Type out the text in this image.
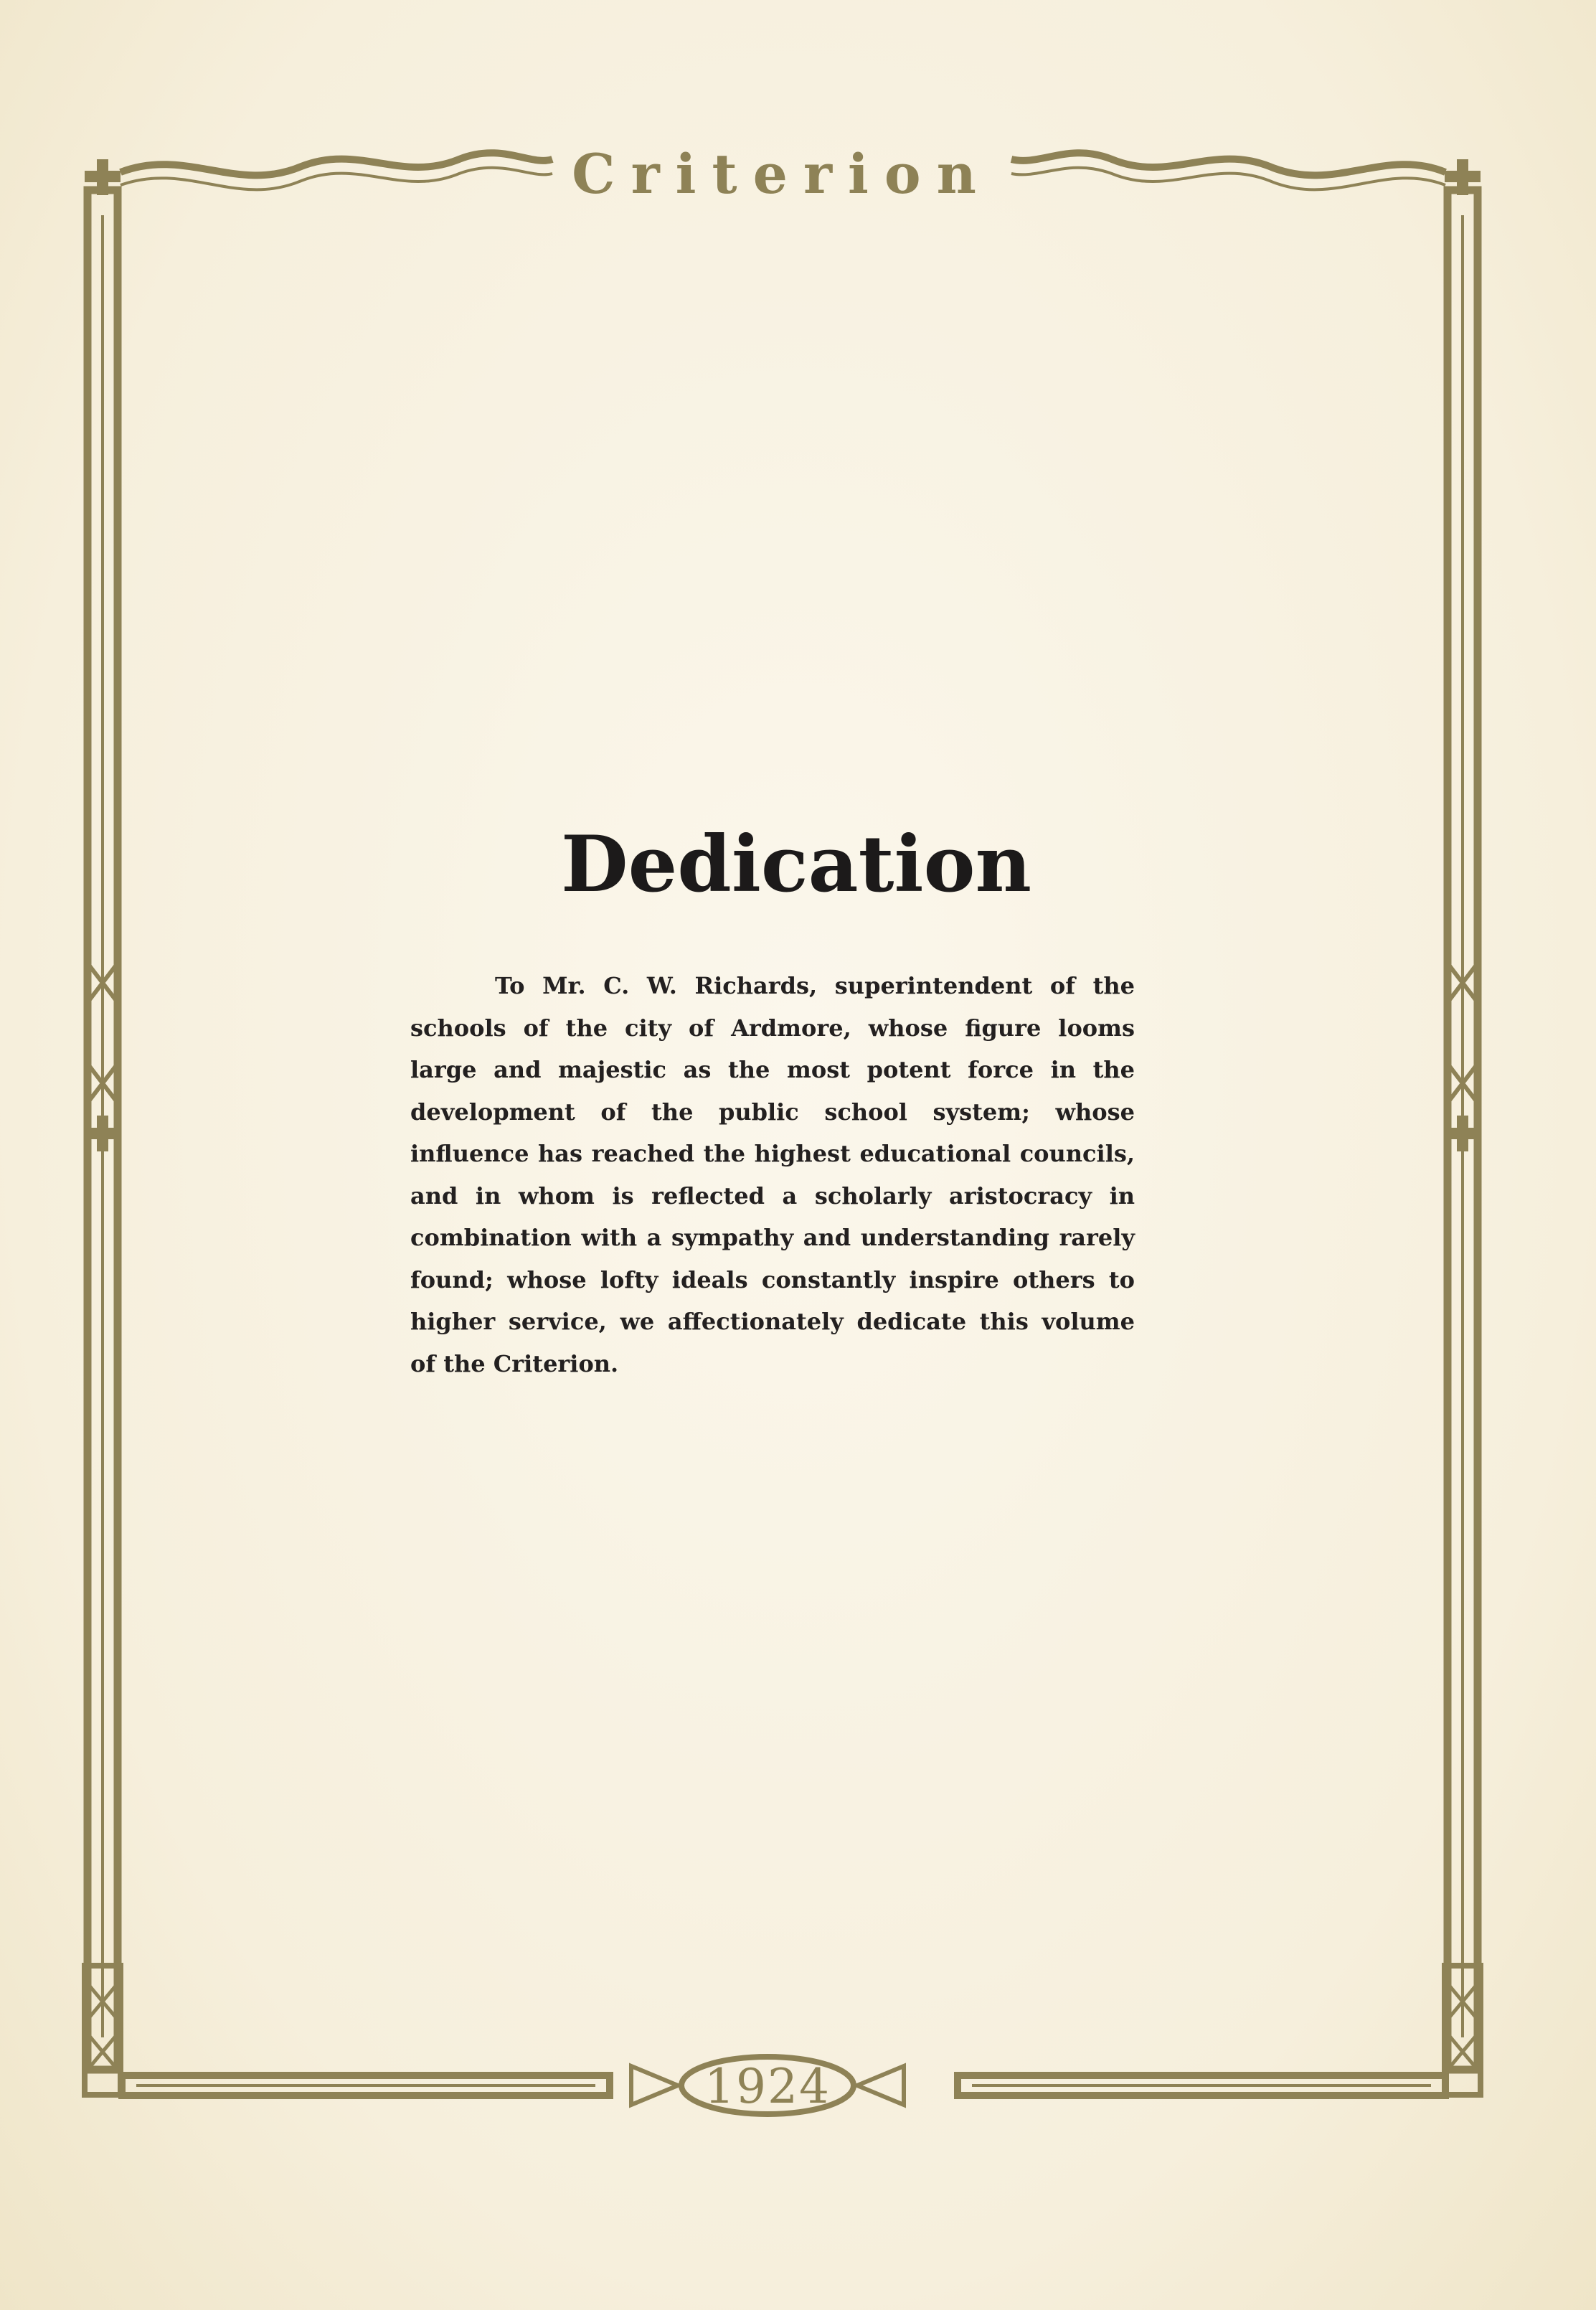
Criterion
1924
Dedication

To Mr. C. W. Richards, superintendent of the schools of the city of Ardmore, whose figure looms large and majestic as the most potent force in the development of the public school system; whose influence has reached the highest educational councils, and in whom is reflected a scholarly aristocracy in combination with a sympathy and understanding rarely found; whose lofty ideals constantly inspire others to higher service, we affectionately dedicate this volume of the Criterion.
